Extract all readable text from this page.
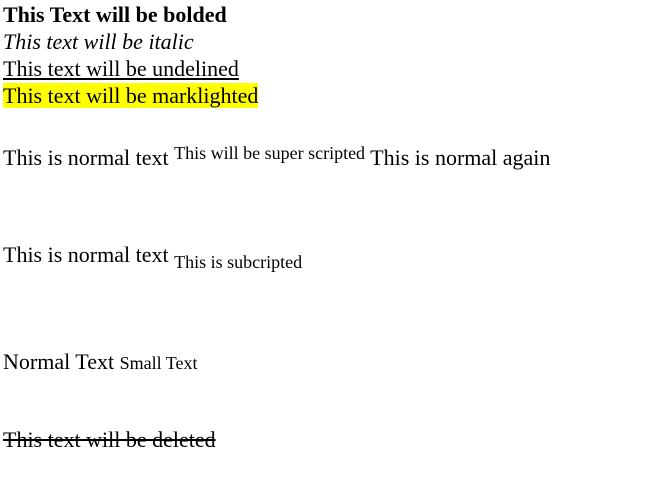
This Text will be bolded
This text will be italic
This text will be undelined
This text will be marklighted
This is normal text $^{This will be super scripted}$ This is normal again
This is normal text $_{This is subcripted}$
Normal Text Small Text
This text will be deleted
